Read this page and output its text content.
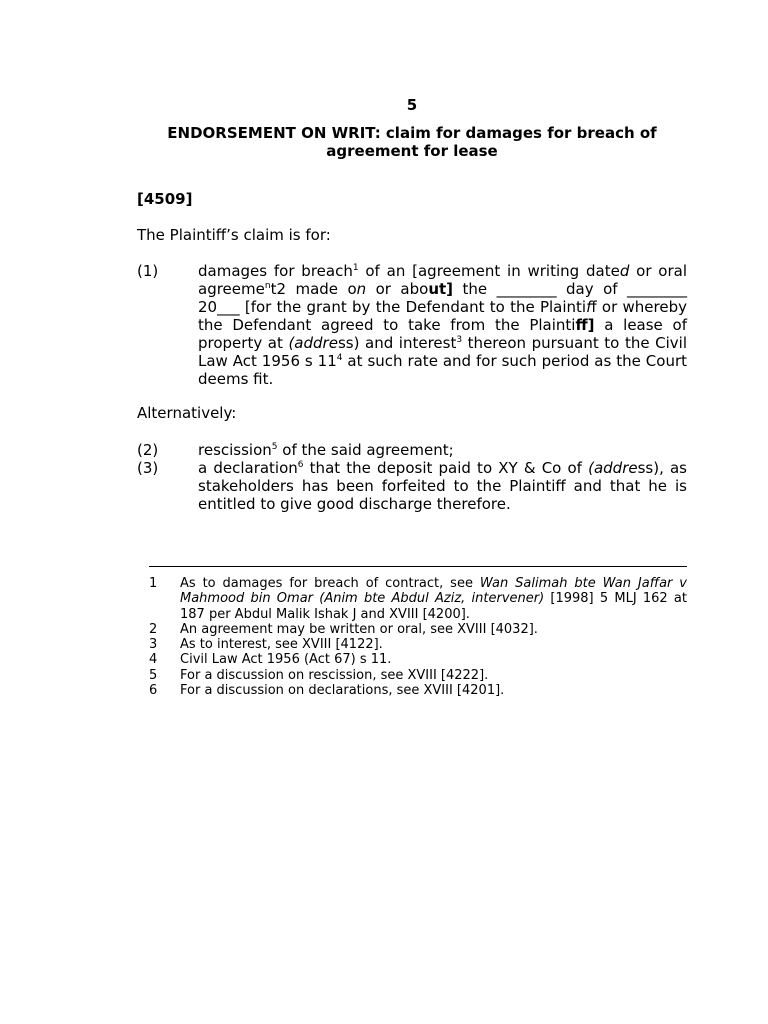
5
ENDORSEMENT ON WRIT: claim for damages for breach of agreement for lease
[4509]
The Plaintiff’s claim is for:
(1)	damages for breach$^1$ of an [agreement in writing dated or oral agreeme$^n$t2 made on or about] the ________ day of ________ 20___ [for the grant by the Defendant to the Plaintiff or whereby the Defendant agreed to take from the Plaintiff] a lease of property at (address) and interest$^3$ thereon pursuant to the Civil Law Act 1956 s $11^4$ at such rate and for such period as the Court deems fit.
Alternatively:
(2)	rescission$^5$ of the said agreement;
(3)	a declaration$^6$ that the deposit paid to XY & Co of (address), as stakeholders has been forfeited to the Plaintiff and that he is entitled to give good discharge therefore.
1 As to damages for breach of contract, see Wan Salimah bte Wan Jaffar v Mahmood bin Omar (Anim bte Abdul Aziz, intervener) [1998] 5 MLJ 162 at 187 per Abdul Malik Ishak J and XVIII [4200].
2 An agreement may be written or oral, see XVIII [4032].
3 As to interest, see XVIII [4122].
4 Civil Law Act 1956 (Act 67) s 11.
5 For a discussion on rescission, see XVIII [4222].
6 For a discussion on declarations, see XVIII [4201].
